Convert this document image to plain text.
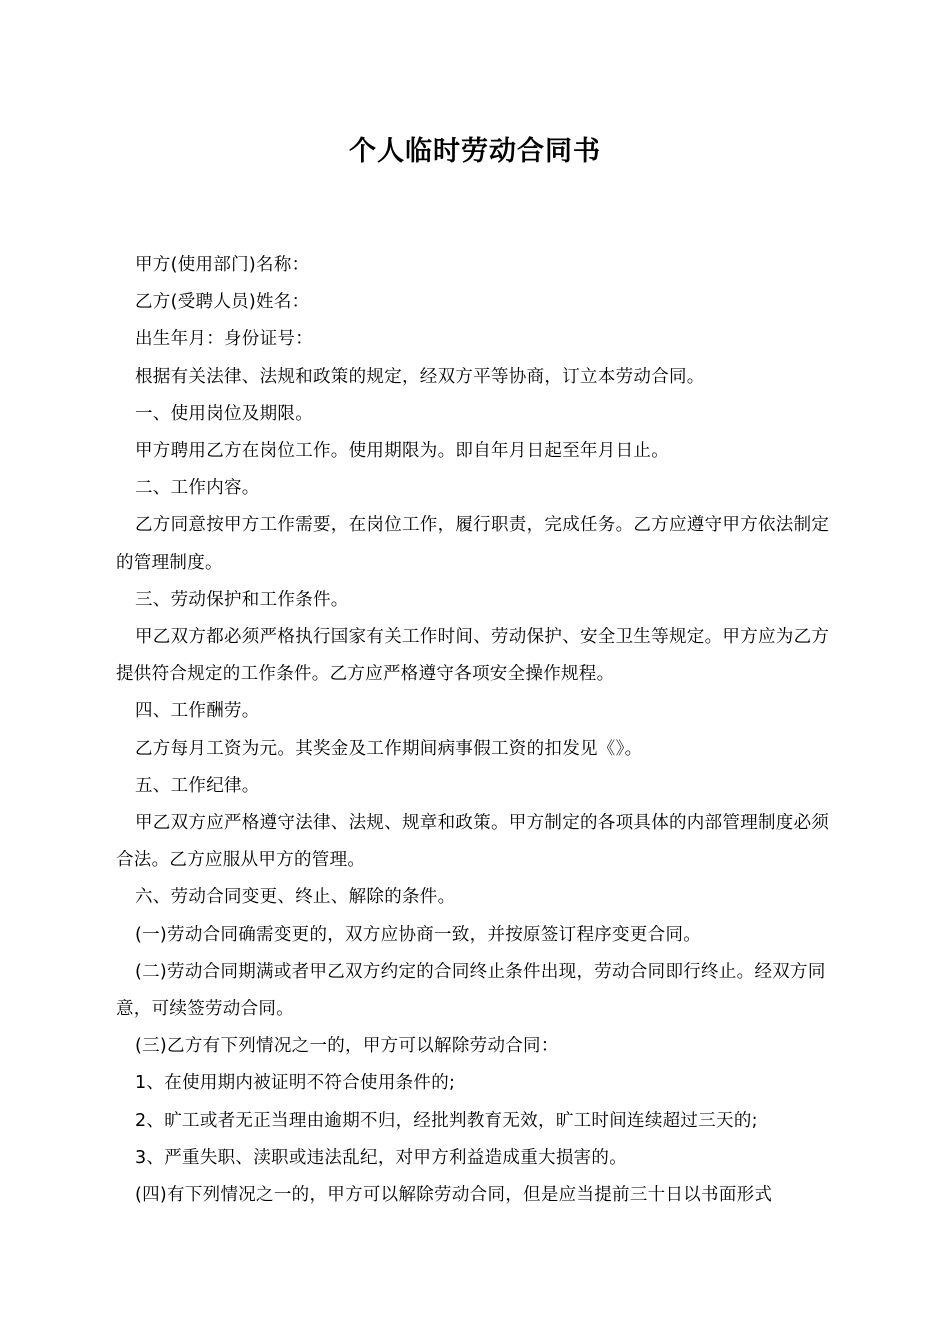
个人临时劳动合同书

甲方(使用部门)名称：

乙方(受聘人员)姓名：

出生年月：身份证号：

根据有关法律、法规和政策的规定，经双方平等协商，订立本劳动合同。

一、使用岗位及期限。

甲方聘用乙方在岗位工作。使用期限为。即自年月日起至年月日止。

二、工作内容。

乙方同意按甲方工作需要，在岗位工作，履行职责，完成任务。乙方应遵守甲方依法制定的管理制度。

三、劳动保护和工作条件。

甲乙双方都必须严格执行国家有关工作时间、劳动保护、安全卫生等规定。甲方应为乙方提供符合规定的工作条件。乙方应严格遵守各项安全操作规程。

四、工作酬劳。

乙方每月工资为元。其奖金及工作期间病事假工资的扣发见《》。

五、工作纪律。

甲乙双方应严格遵守法律、法规、规章和政策。甲方制定的各项具体的内部管理制度必须合法。乙方应服从甲方的管理。

六、劳动合同变更、终止、解除的条件。

(一)劳动合同确需变更的，双方应协商一致，并按原签订程序变更合同。

(二)劳动合同期满或者甲乙双方约定的合同终止条件出现，劳动合同即行终止。经双方同意，可续签劳动合同。

(三)乙方有下列情况之一的，甲方可以解除劳动合同：

1、在使用期内被证明不符合使用条件的;

2、旷工或者无正当理由逾期不归，经批判教育无效，旷工时间连续超过三天的;

3、严重失职、渎职或违法乱纪，对甲方利益造成重大损害的。

(四)有下列情况之一的，甲方可以解除劳动合同，但是应当提前三十日以书面形式
